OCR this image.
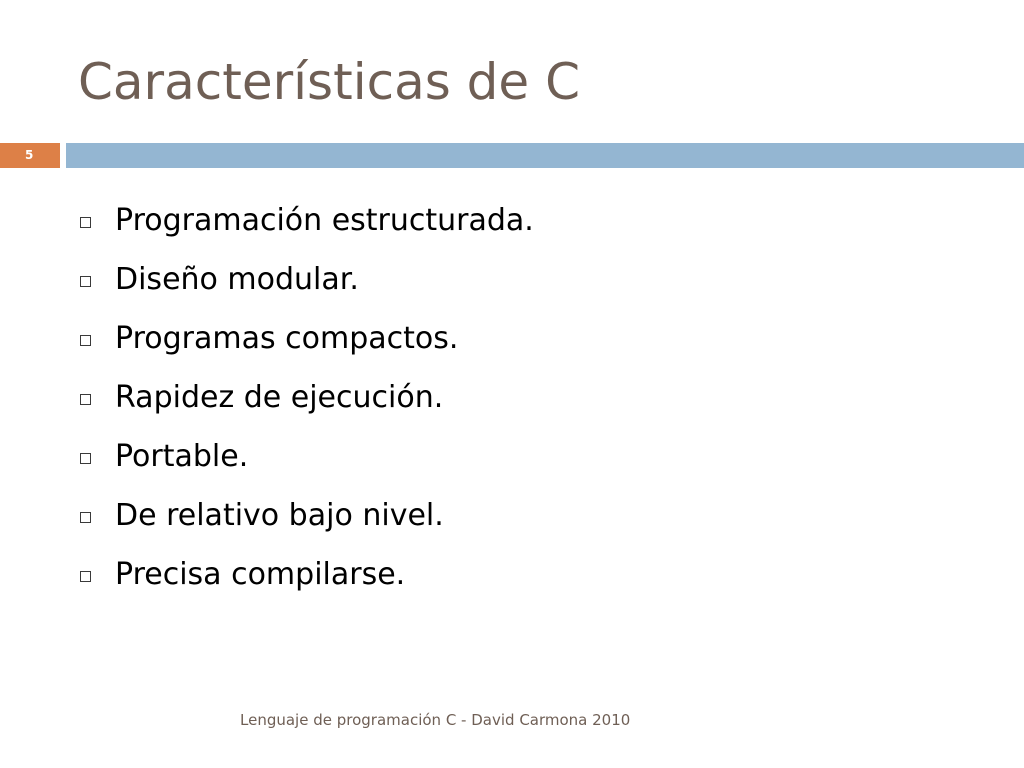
Características de C
5
Programación estructurada.
Diseño modular.
Programas compactos.
Rapidez de ejecución.
Portable.
De relativo bajo nivel.
Precisa compilarse.
Lenguaje de programación C - David Carmona 2010
